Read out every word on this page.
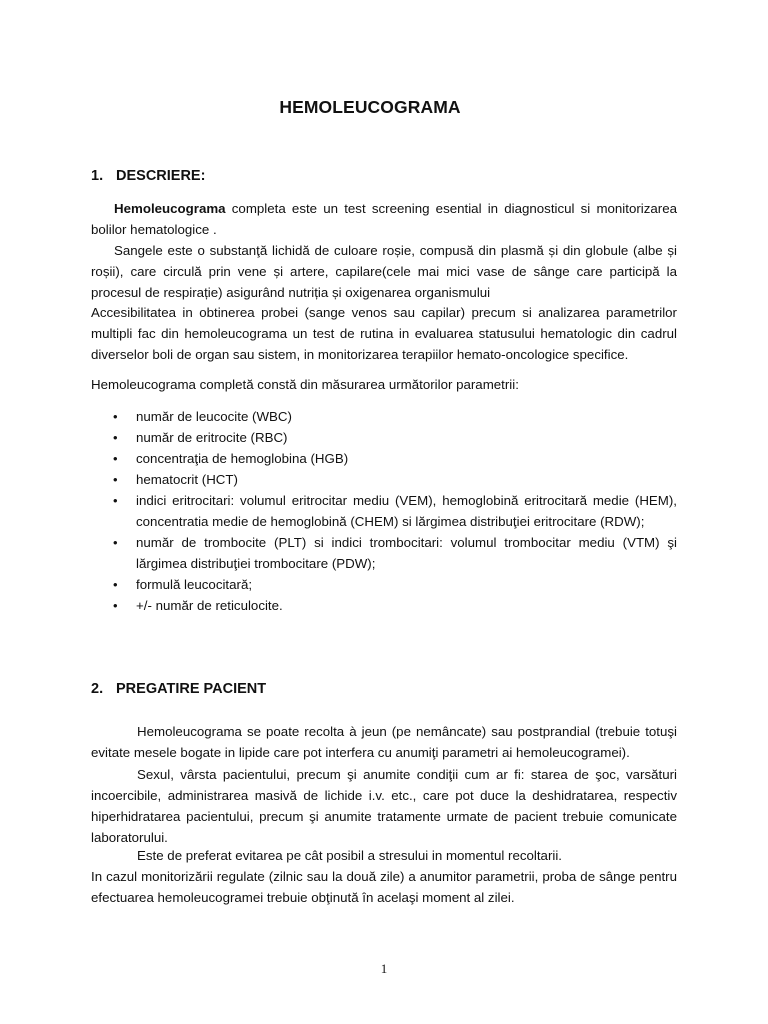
HEMOLEUCOGRAMA
1. DESCRIERE:
Hemoleucograma completa este un test screening esential in diagnosticul si monitorizarea bolilor hematologice .
Sangele este o substanţă lichidă de culoare roșie, compusă din plasmă și din globule (albe și roșii), care circulă prin vene și artere, capilare(cele mai mici vase de sânge care participă la procesul de respirație) asigurând nutriția și oxigenarea organismului
Accesibilitatea in obtinerea probei (sange venos sau capilar) precum si analizarea parametrilor multipli fac din hemoleucograma un test de rutina in evaluarea statusului hematologic din cadrul diverselor boli de organ sau sistem, in monitorizarea terapiilor hemato-oncologice specifice.
Hemoleucograma completă constă din măsurarea următorilor parametrii:
• număr de leucocite (WBC)
• număr de eritrocite (RBC)
• concentraţia de hemoglobina (HGB)
• hematocrit (HCT)
• indici eritrocitari: volumul eritrocitar mediu (VEM), hemoglobină eritrocitară medie (HEM), concentratia medie de hemoglobină (CHEM) si lărgimea distribuţiei eritrocitare (RDW);
• număr de trombocite (PLT) si indici trombocitari: volumul trombocitar mediu (VTM) şi lărgimea distribuţiei trombocitare (PDW);
• formulă leucocitară;
• +/- număr de reticulocite.
2. PREGATIRE PACIENT
Hemoleucograma se poate recolta à jeun (pe nemâncate) sau postprandial (trebuie totuşi evitate mesele bogate in lipide care pot interfera cu anumiţi parametri ai hemoleucogramei).
Sexul, vârsta pacientului, precum şi anumite condiţii cum ar fi: starea de şoc, varsături incoercibile, administrarea masivă de lichide i.v. etc., care pot duce la deshidratarea, respectiv hiperhidratarea pacientului, precum şi anumite tratamente urmate de pacient trebuie comunicate laboratorului.
Este de preferat evitarea pe cât posibil a stresului in momentul recoltarii.
In cazul monitorizării regulate (zilnic sau la două zile) a anumitor parametrii, proba de sânge pentru efectuarea hemoleucogramei trebuie obţinută în acelaşi moment al zilei.
1
